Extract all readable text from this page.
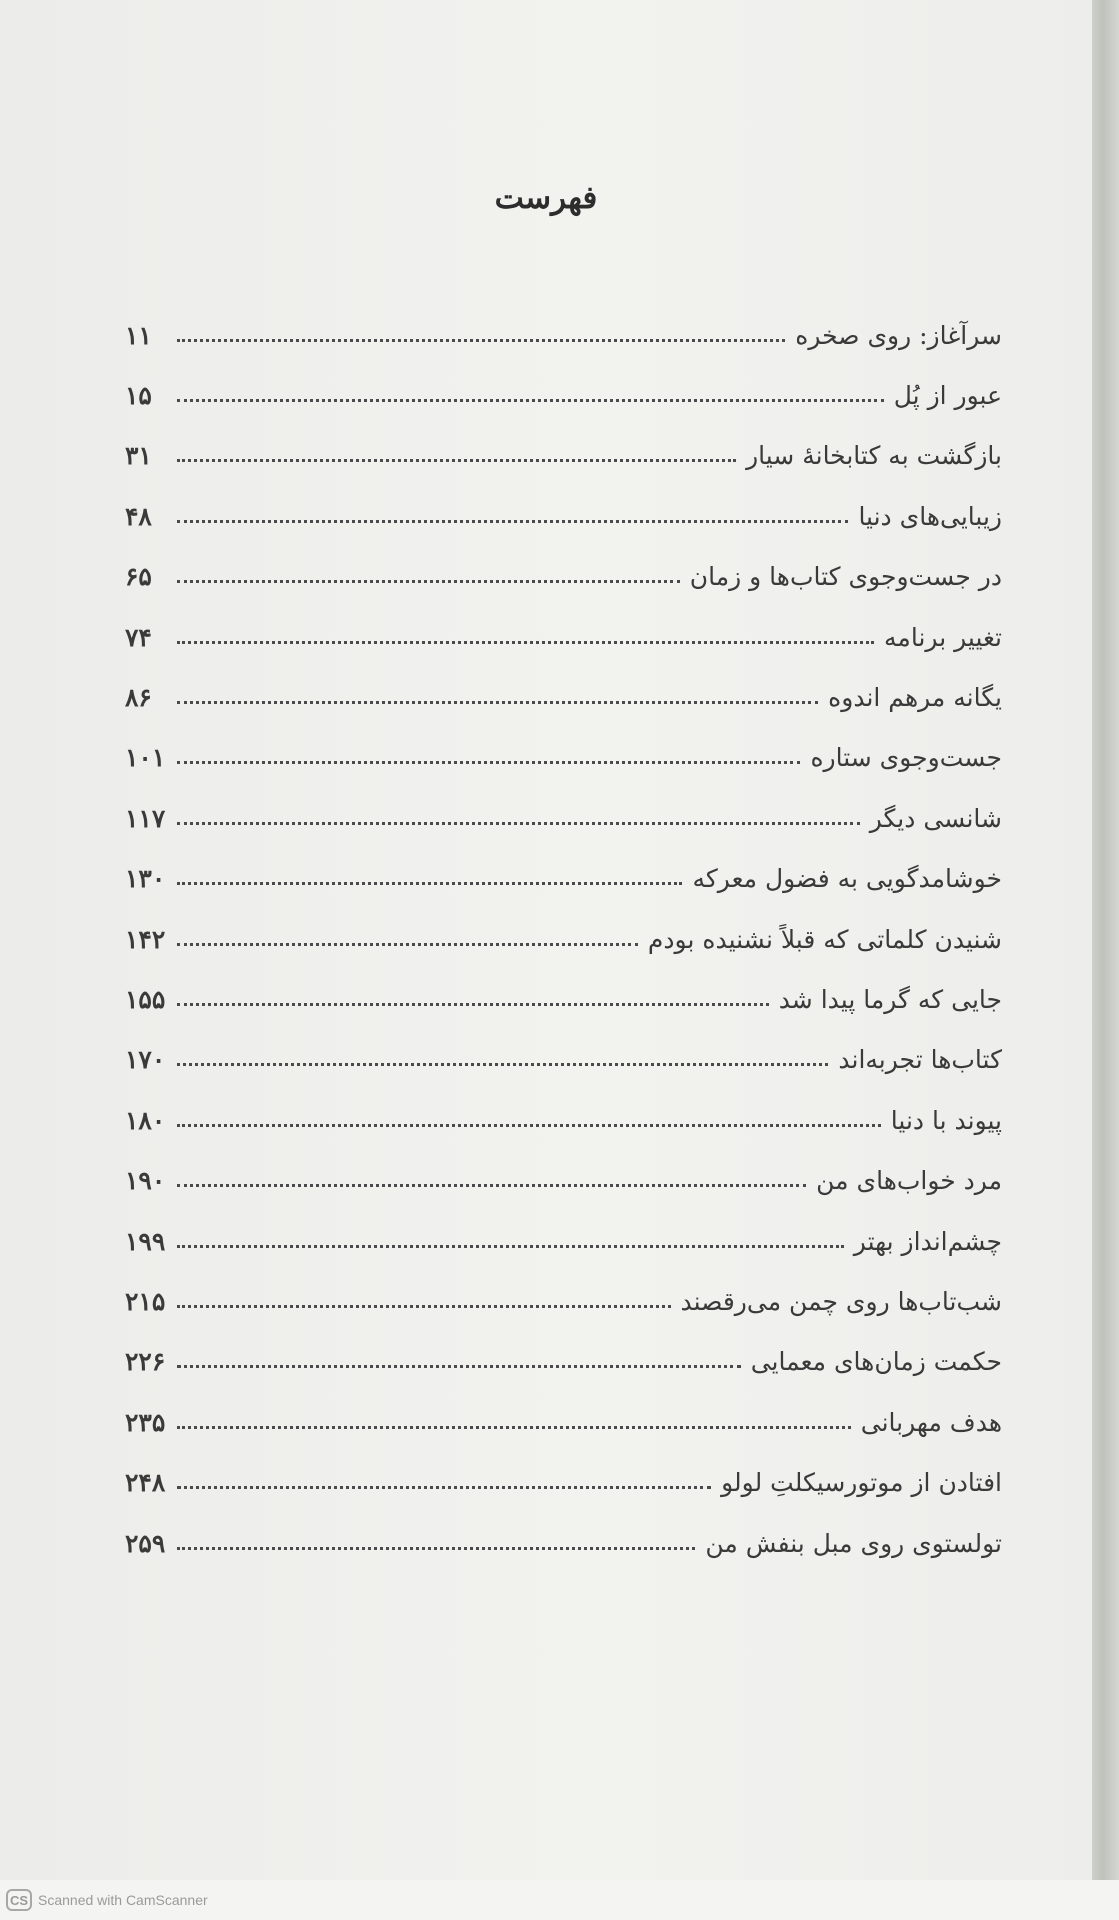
فهرست
سرآغاز: روی صخره
۱۱
عبور از پُل
۱۵
بازگشت به کتابخانهٔ سیار
۳۱
زیبایی‌های دنیا
۴۸
در جست‌وجوی کتاب‌ها و زمان
۶۵
تغییر برنامه
۷۴
یگانه مرهم اندوه
۸۶
جست‌وجوی ستاره
۱۰۱
شانسی دیگر
۱۱۷
خوشامدگویی به فضول معرکه
۱۳۰
شنیدن کلماتی که قبلاً نشنیده بودم
۱۴۲
جایی که گرما پیدا شد
۱۵۵
کتاب‌ها تجربه‌اند
۱۷۰
پیوند با دنیا
۱۸۰
مرد خواب‌های من
۱۹۰
چشم‌انداز بهتر
۱۹۹
شب‌تاب‌ها روی چمن می‌رقصند
۲۱۵
حکمت زمان‌های معمایی
۲۲۶
هدف مهربانی
۲۳۵
افتادن از موتورسیکلتِ لولو
۲۴۸
تولستوی روی مبل بنفش من
۲۵۹
CS Scanned with CamScanner
